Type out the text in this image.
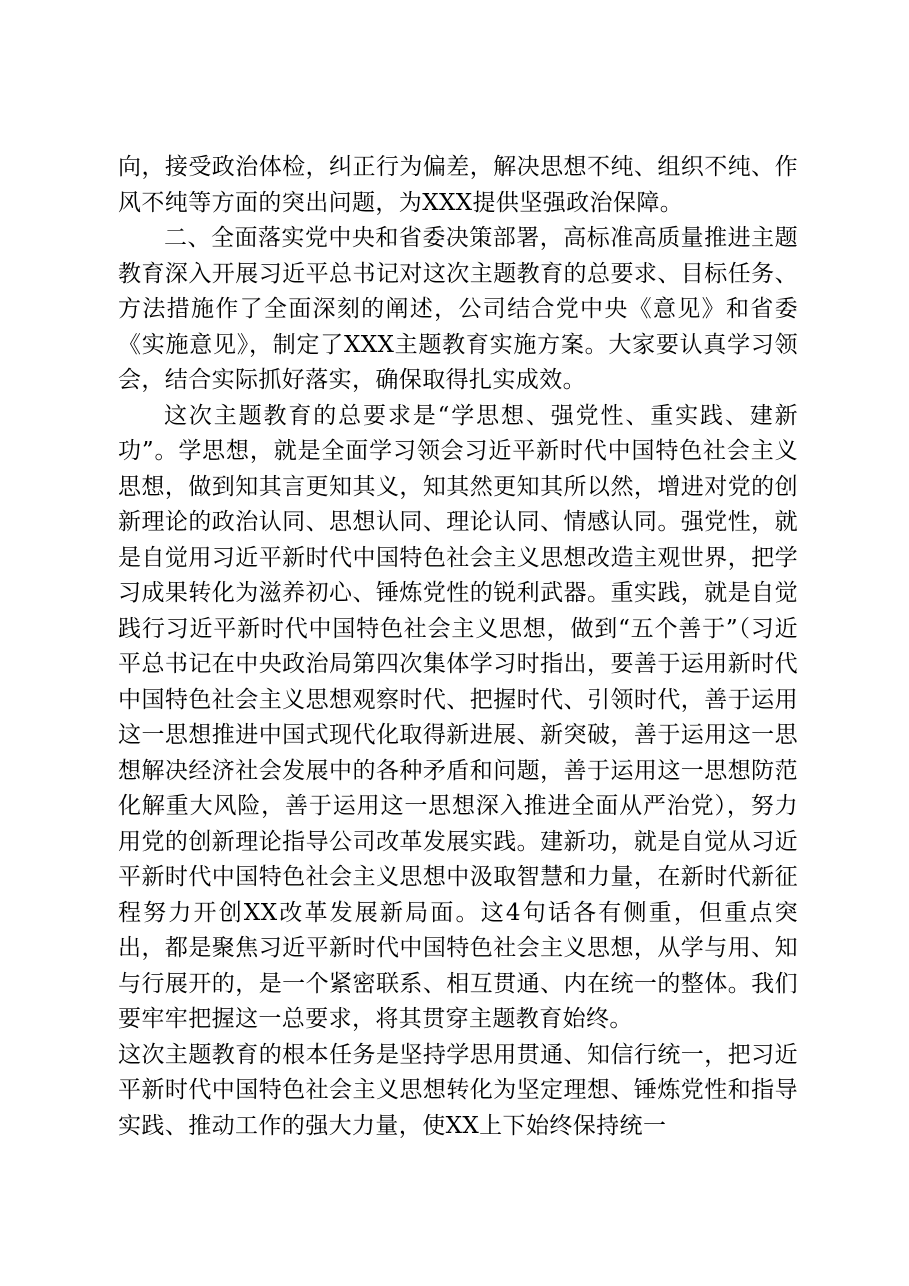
向，接受政治体检，纠正行为偏差，解决思想不纯、组织不纯、作风不纯等方面的突出问题，为XXX提供坚强政治保障。

二、全面落实党中央和省委决策部署，高标准高质量推进主题教育深入开展习近平总书记对这次主题教育的总要求、目标任务、方法措施作了全面深刻的阐述，公司结合党中央《意见》和省委《实施意见》，制定了XXX主题教育实施方案。大家要认真学习领会，结合实际抓好落实，确保取得扎实成效。

这次主题教育的总要求是“学思想、强党性、重实践、建新功”。学思想，就是全面学习领会习近平新时代中国特色社会主义思想，做到知其言更知其义，知其然更知其所以然，增进对党的创新理论的政治认同、思想认同、理论认同、情感认同。强党性，就是自觉用习近平新时代中国特色社会主义思想改造主观世界，把学习成果转化为滋养初心、锤炼党性的锐利武器。重实践，就是自觉践行习近平新时代中国特色社会主义思想，做到“五个善于”（习近平总书记在中央政治局第四次集体学习时指出，要善于运用新时代中国特色社会主义思想观察时代、把握时代、引领时代，善于运用这一思想推进中国式现代化取得新进展、新突破，善于运用这一思想解决经济社会发展中的各种矛盾和问题，善于运用这一思想防范化解重大风险，善于运用这一思想深入推进全面从严治党），努力用党的创新理论指导公司改革发展实践。建新功，就是自觉从习近平新时代中国特色社会主义思想中汲取智慧和力量，在新时代新征程努力开创XX改革发展新局面。这4句话各有侧重，但重点突出，都是聚焦习近平新时代中国特色社会主义思想，从学与用、知与行展开的，是一个紧密联系、相互贯通、内在统一的整体。我们要牢牢把握这一总要求，将其贯穿主题教育始终。

这次主题教育的根本任务是坚持学思用贯通、知信行统一，把习近平新时代中国特色社会主义思想转化为坚定理想、锤炼党性和指导实践、推动工作的强大力量，使XX上下始终保持统一
